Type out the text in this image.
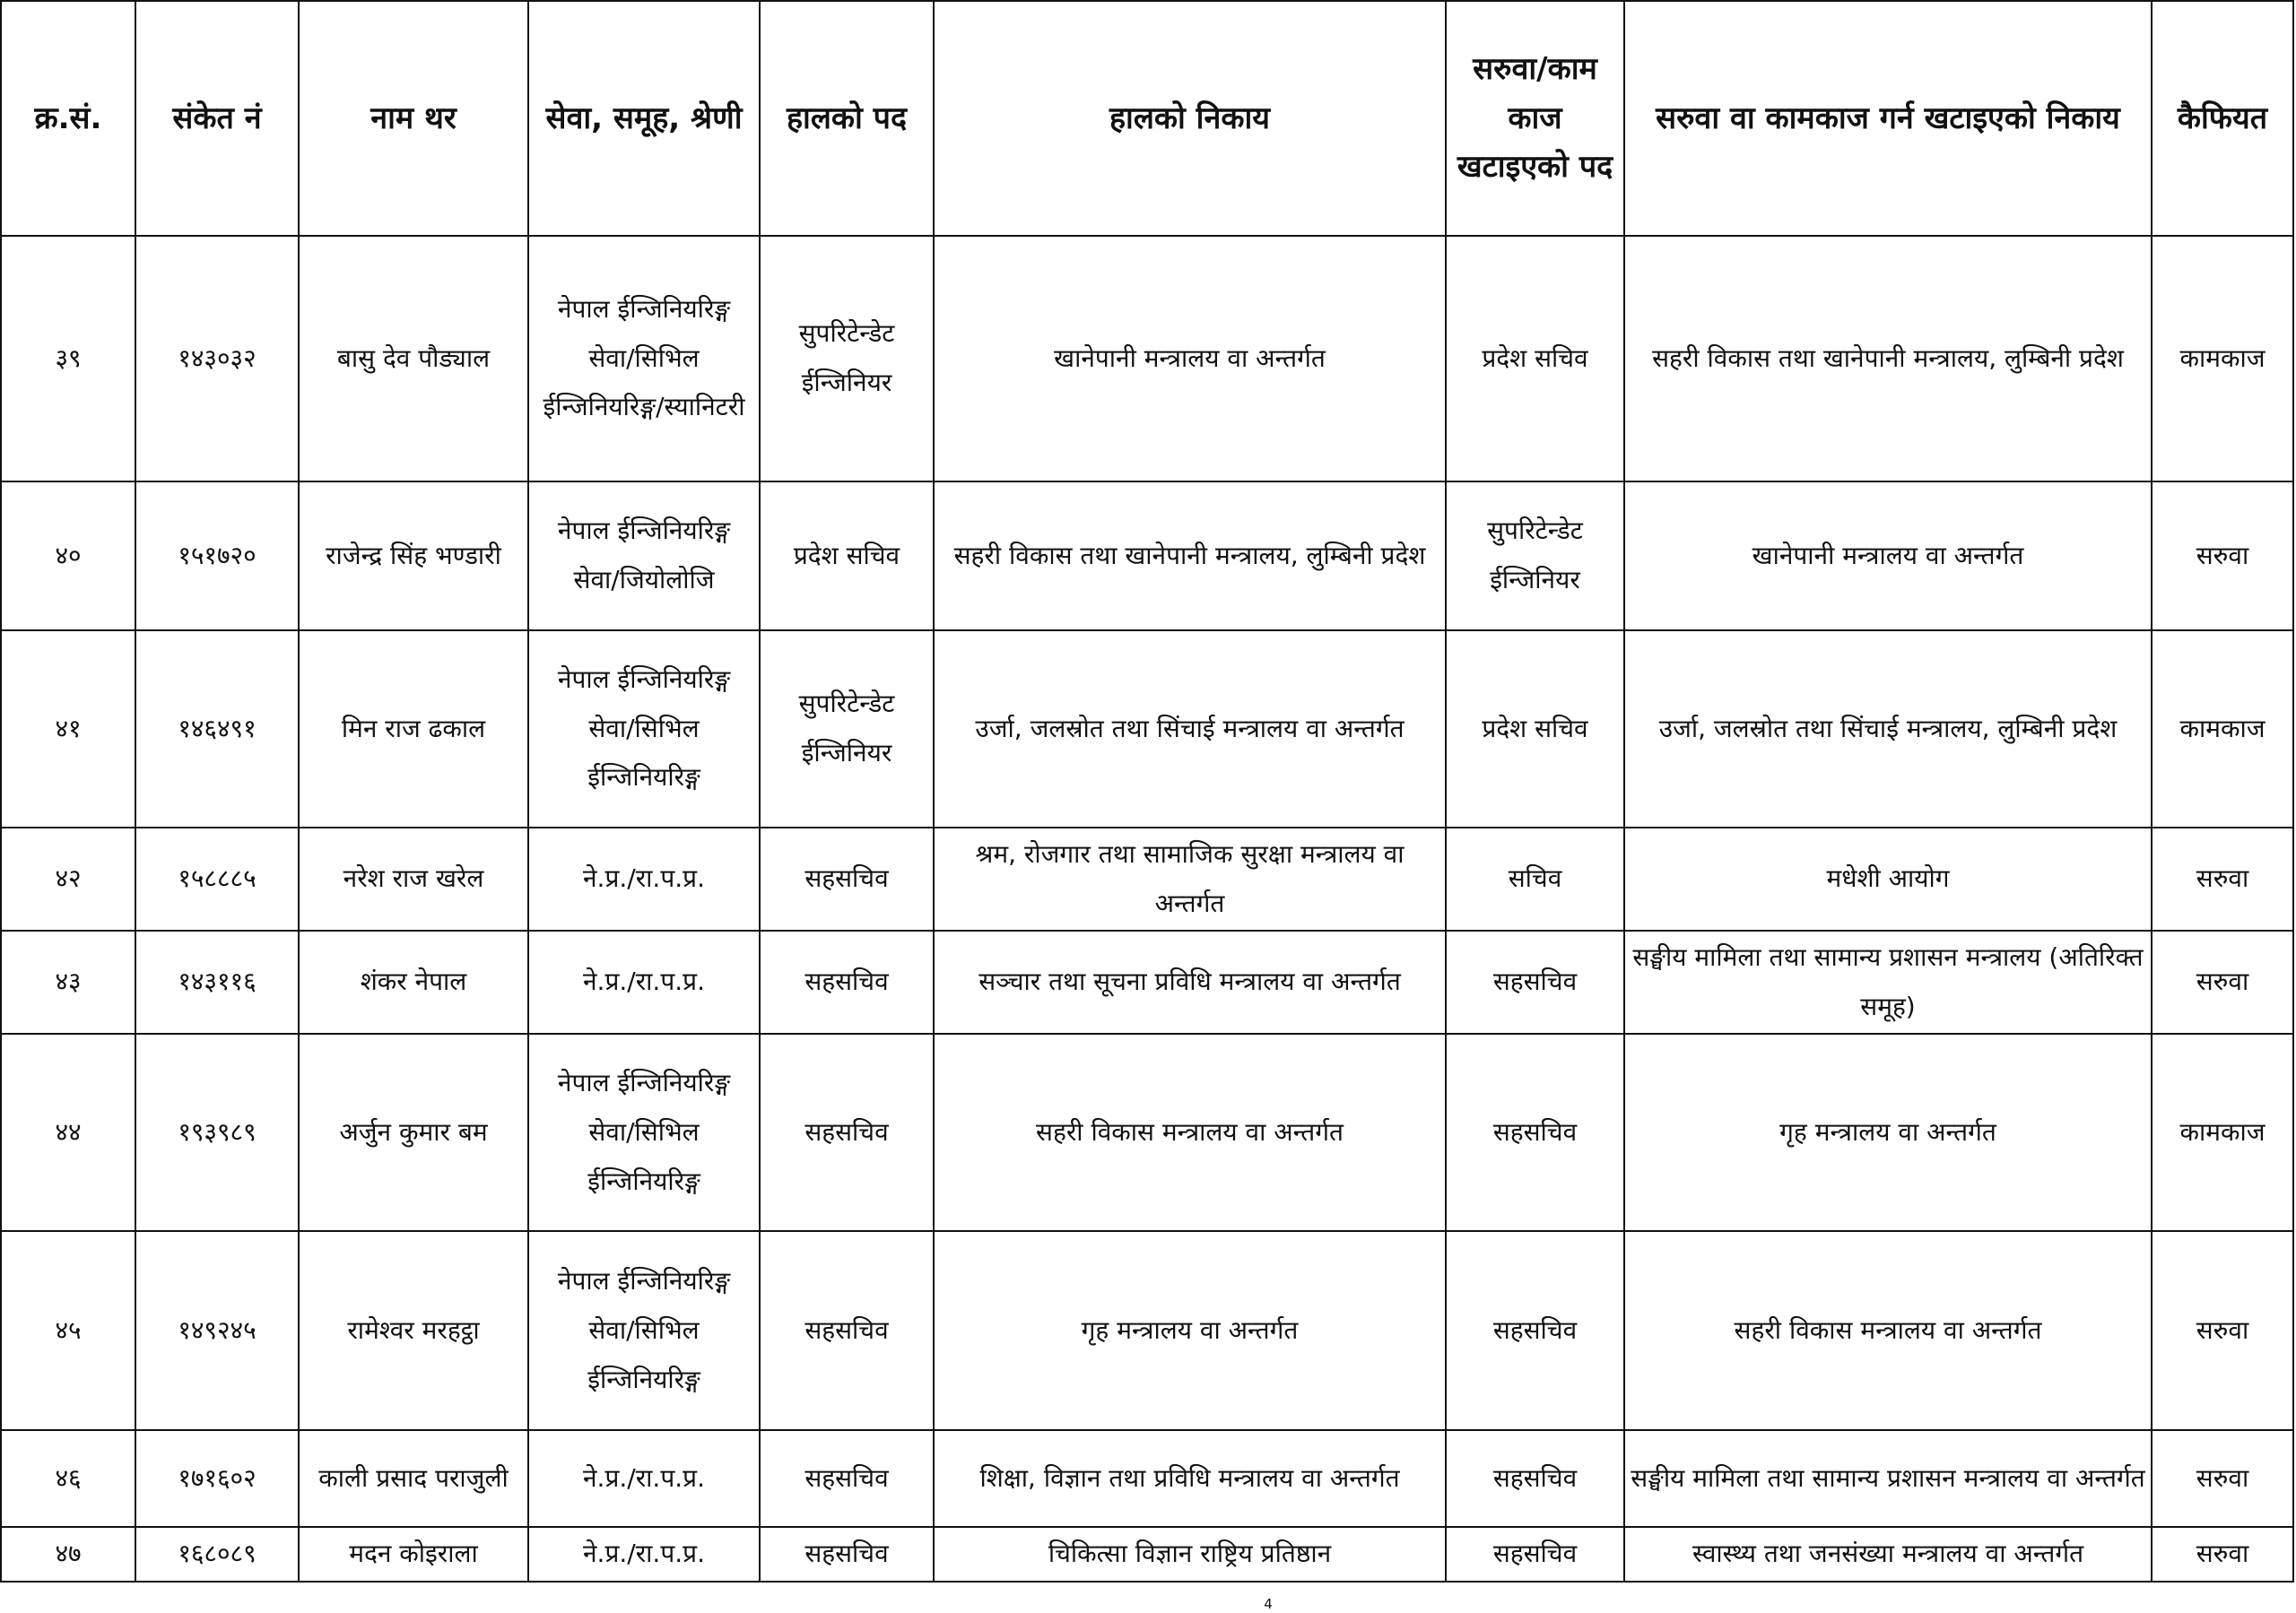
क्र.सं.	संकेत नं	नाम थर	सेवा, समूह, श्रेणी	हालको पद	हालको निकाय	सरुवा/काम काज खटाइएको पद	सरुवा वा कामकाज गर्न खटाइएको निकाय	कैफियत
३९	१४३०३२	बासु देव पौड्याल	नेपाल ईन्जिनियरिङ्ग सेवा/सिभिल ईन्जिनियरिङ्ग/स्यानिटरी	सुपरिटेन्डेट ईन्जिनियर	खानेपानी मन्त्रालय वा अन्तर्गत	प्रदेश सचिव	सहरी विकास तथा खानेपानी मन्त्रालय, लुम्बिनी प्रदेश	कामकाज
४०	१५१७२०	राजेन्द्र सिंह भण्डारी	नेपाल ईन्जिनियरिङ्ग सेवा/जियोलोजि	प्रदेश सचिव	सहरी विकास तथा खानेपानी मन्त्रालय, लुम्बिनी प्रदेश	सुपरिटेन्डेट ईन्जिनियर	खानेपानी मन्त्रालय वा अन्तर्गत	सरुवा
४१	१४६४९१	मिन राज ढकाल	नेपाल ईन्जिनियरिङ्ग सेवा/सिभिल ईन्जिनियरिङ्ग	सुपरिटेन्डेट ईन्जिनियर	उर्जा, जलस्रोत तथा सिंचाई मन्त्रालय वा अन्तर्गत	प्रदेश सचिव	उर्जा, जलस्रोत तथा सिंचाई मन्त्रालय, लुम्बिनी प्रदेश	कामकाज
४२	१५८८८५	नरेश राज खरेल	ने.प्र./रा.प.प्र.	सहसचिव	श्रम, रोजगार तथा सामाजिक सुरक्षा मन्त्रालय वा अन्तर्गत	सचिव	मधेशी आयोग	सरुवा
४३	१४३११६	शंकर नेपाल	ने.प्र./रा.प.प्र.	सहसचिव	सञ्चार तथा सूचना प्रविधि मन्त्रालय वा अन्तर्गत	सहसचिव	सङ्घीय मामिला तथा सामान्य प्रशासन मन्त्रालय (अतिरिक्त समूह)	सरुवा
४४	१९३९८९	अर्जुन कुमार बम	नेपाल ईन्जिनियरिङ्ग सेवा/सिभिल ईन्जिनियरिङ्ग	सहसचिव	सहरी विकास मन्त्रालय वा अन्तर्गत	सहसचिव	गृह मन्त्रालय वा अन्तर्गत	कामकाज
४५	१४९२४५	रामेश्वर मरहट्ठा	नेपाल ईन्जिनियरिङ्ग सेवा/सिभिल ईन्जिनियरिङ्ग	सहसचिव	गृह मन्त्रालय वा अन्तर्गत	सहसचिव	सहरी विकास मन्त्रालय वा अन्तर्गत	सरुवा
४६	१७१६०२	काली प्रसाद पराजुली	ने.प्र./रा.प.प्र.	सहसचिव	शिक्षा, विज्ञान तथा प्रविधि मन्त्रालय वा अन्तर्गत	सहसचिव	सङ्घीय मामिला तथा सामान्य प्रशासन मन्त्रालय वा अन्तर्गत	सरुवा
४७	१६८०८९	मदन कोइराला	ने.प्र./रा.प.प्र.	सहसचिव	चिकित्सा विज्ञान राष्ट्रिय प्रतिष्ठान	सहसचिव	स्वास्थ्य तथा जनसंख्या मन्त्रालय वा अन्तर्गत	सरुवा
4
